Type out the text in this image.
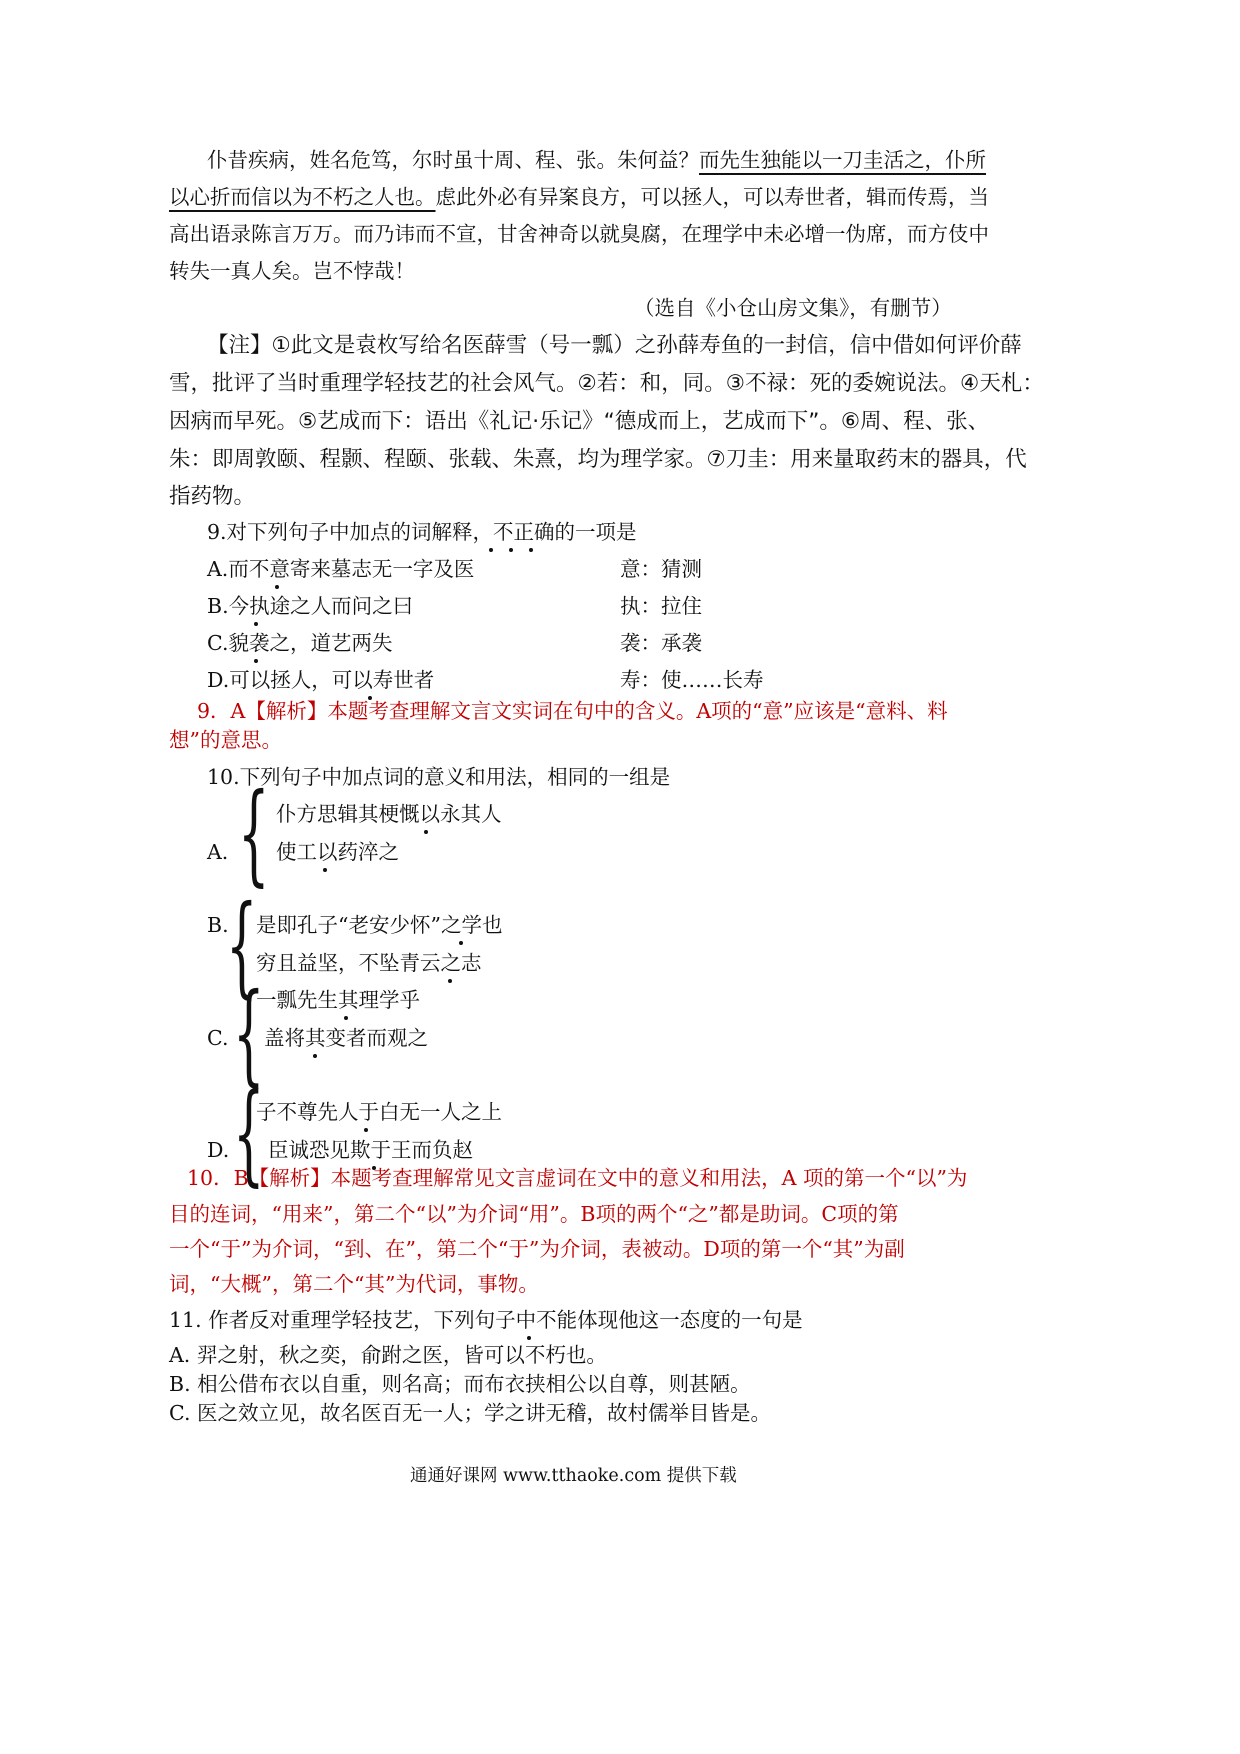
仆昔疾病，姓名危笃，尔时虽十周、程、张。朱何益？而先生独能以一刀圭活之，仆所
以心折而信以为不朽之人也。虑此外必有异案良方，可以拯人，可以寿世者，辑而传焉，当
高出语录陈言万万。而乃讳而不宣，甘舍神奇以就臭腐，在理学中未必增一伪席，而方伎中
转失一真人矣。岂不悖哉！
（选自《小仓山房文集》，有删节）
【注】①此文是袁枚写给名医薛雪（号一瓢）之孙薛寿鱼的一封信，信中借如何评价薛
雪，批评了当时重理学轻技艺的社会风气。②若：和，同。③不禄：死的委婉说法。④天札：
因病而早死。⑤艺成而下：语出《礼记·乐记》“德成而上，艺成而下”。⑥周、程、张、
朱：即周敦颐、程颢、程颐、张载、朱熹，均为理学家。⑦刀圭：用来量取药末的器具，代
指药物。
9.对下列句子中加点的词解释，不正确的一项是
A.而不意寄来墓志无一字及医	意：猜测
B.今执途之人而问之曰	执：拉住
C.貌袭之，道艺两失	袭：承袭
D.可以拯人，可以寿世者	寿：使……长寿
9．A【解析】本题考查理解文言文实词在句中的含义。A项的“意”应该是“意料、料
想”的意思。
10.下列句子中加点词的意义和用法，相同的一组是
{
A.
仆方思辑其梗慨以永其人
使工以药淬之
{
B. 是即孔子“老安少怀”之学也
穷且益坚，不坠青云之志
{
C.
一瓢先生其理学乎
盖将其变者而观之
{
D.
子不尊先人于白无一人之上
臣诚恐见欺于王而负赵
10．B【解析】本题考查理解常见文言虚词在文中的意义和用法，A 项的第一个“以”为
目的连词，“用来”，第二个“以”为介词“用”。B项的两个“之”都是助词。C项的第
一个“于”为介词，“到、在”，第二个“于”为介词，表被动。D项的第一个“其”为副
词，“大概”，第二个“其”为代词，事物。
11. 作者反对重理学轻技艺，下列句子中不能体现他这一态度的一句是
A. 羿之射，秋之奕，俞跗之医，皆可以不朽也。
B. 相公借布衣以自重，则名高；而布衣挟相公以自尊，则甚陋。
C. 医之效立见，故名医百无一人；学之讲无稽，故村儒举目皆是。
通通好课网 www.tthaoke.com 提供下载
